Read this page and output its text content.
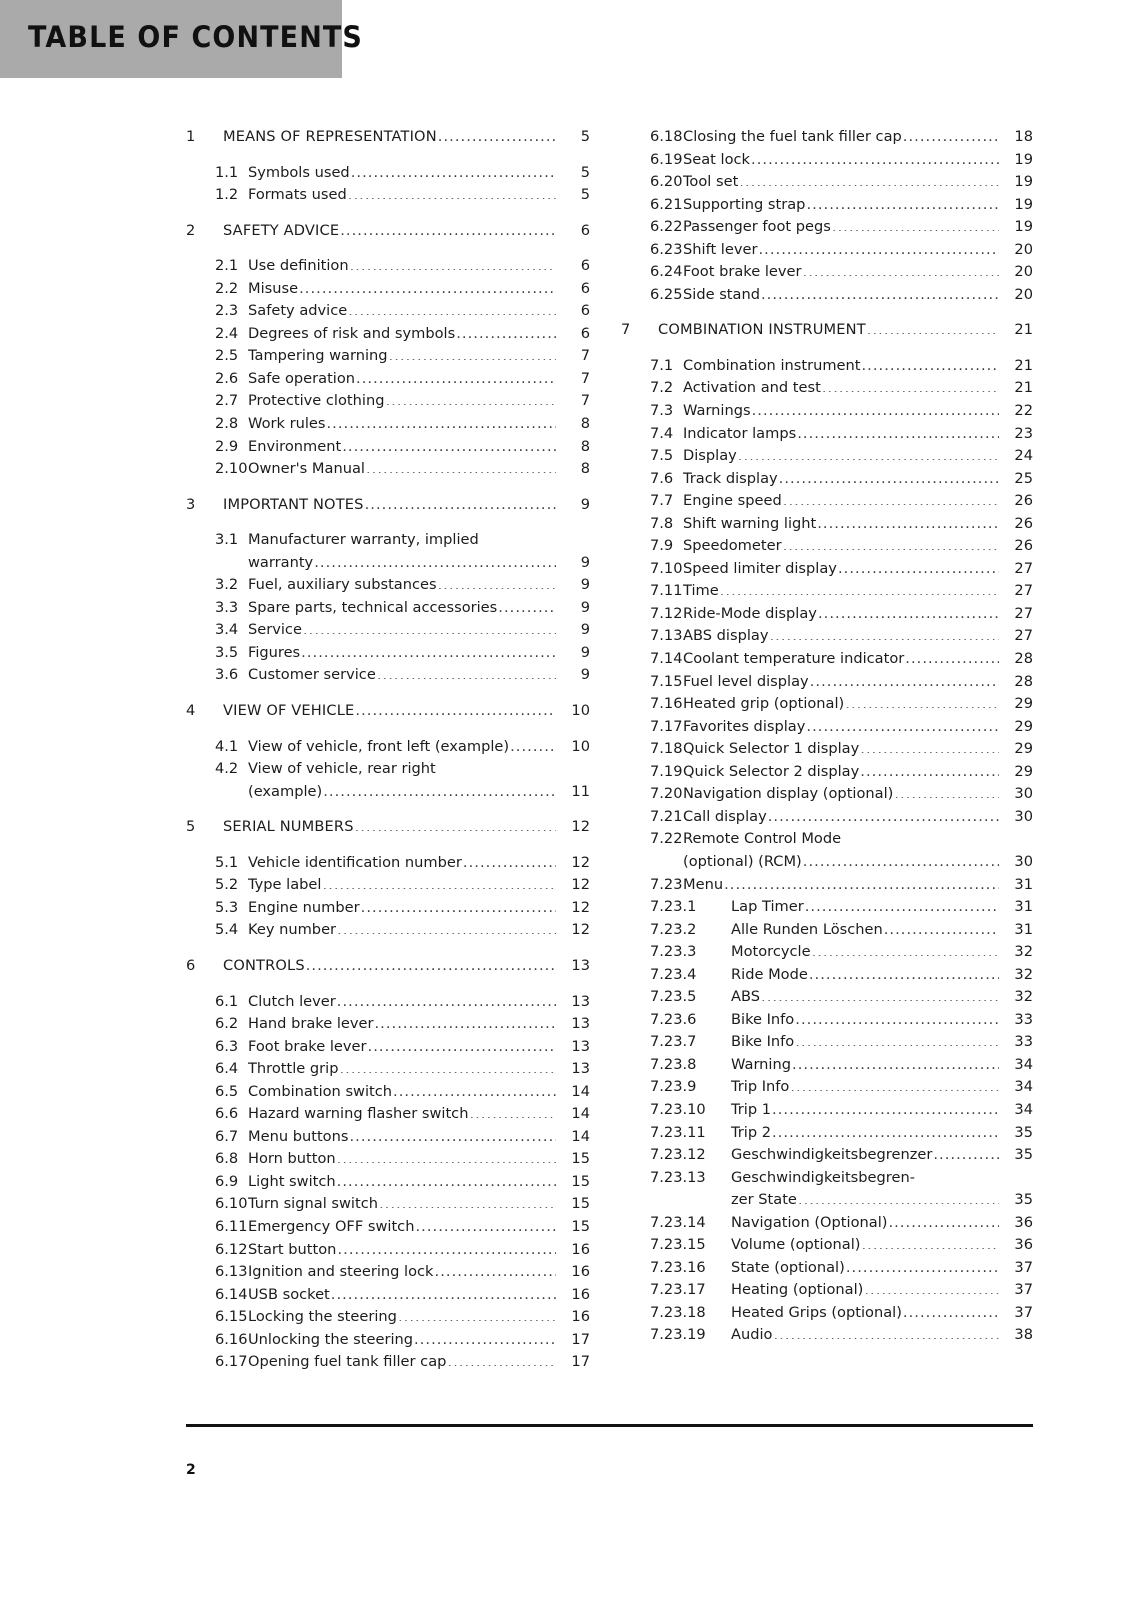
TABLE OF CONTENTS
1	MEANS OF REPRESENTATION .....	5
1.1 Symbols used .....	5
1.2 Formats used .....	5
2	SAFETY ADVICE .....	6
2.1 Use definition .....	6
2.2 Misuse .....	6
2.3 Safety advice .....	6
2.4 Degrees of risk and symbols .....	6
2.5 Tampering warning .....	7
2.6 Safe operation .....	7
2.7 Protective clothing .....	7
2.8 Work rules .....	8
2.9 Environment .....	8
2.10 Owner's Manual .....	8
3	IMPORTANT NOTES .....	9
3.1 Manufacturer warranty, implied
warranty .....	9
3.2 Fuel, auxiliary substances .....	9
3.3 Spare parts, technical accessories .....	9
3.4 Service .....	9
3.5 Figures .....	9
3.6 Customer service .....	9
4	VIEW OF VEHICLE .....	10
4.1 View of vehicle, front left (example) .....	10
4.2 View of vehicle, rear right
(example) .....	11
5	SERIAL NUMBERS .....	12
5.1 Vehicle identification number .....	12
5.2 Type label .....	12
5.3 Engine number .....	12
5.4 Key number .....	12
6	CONTROLS .....	13
6.1 Clutch lever .....	13
6.2 Hand brake lever .....	13
6.3 Foot brake lever .....	13
6.4 Throttle grip .....	13
6.5 Combination switch .....	14
6.6 Hazard warning flasher switch .....	14
6.7 Menu buttons .....	14
6.8 Horn button .....	15
6.9 Light switch .....	15
6.10 Turn signal switch .....	15
6.11 Emergency OFF switch .....	15
6.12 Start button .....	16
6.13 Ignition and steering lock .....	16
6.14 USB socket .....	16
6.15 Locking the steering .....	16
6.16 Unlocking the steering .....	17
6.17 Opening fuel tank filler cap .....	17
6.18 Closing the fuel tank filler cap .....	18
6.19 Seat lock .....	19
6.20 Tool set .....	19
6.21 Supporting strap .....	19
6.22 Passenger foot pegs .....	19
6.23 Shift lever .....	20
6.24 Foot brake lever .....	20
6.25 Side stand .....	20
7	COMBINATION INSTRUMENT .....	21
7.1 Combination instrument .....	21
7.2 Activation and test .....	21
7.3 Warnings .....	22
7.4 Indicator lamps .....	23
7.5 Display .....	24
7.6 Track display .....	25
7.7 Engine speed .....	26
7.8 Shift warning light .....	26
7.9 Speedometer .....	26
7.10 Speed limiter display .....	27
7.11 Time .....	27
7.12 Ride-Mode display .....	27
7.13 ABS display .....	27
7.14 Coolant temperature indicator .....	28
7.15 Fuel level display .....	28
7.16 Heated grip (optional) .....	29
7.17 Favorites display .....	29
7.18 Quick Selector 1 display .....	29
7.19 Quick Selector 2 display .....	29
7.20 Navigation display (optional) .....	30
7.21 Call display .....	30
7.22 Remote Control Mode
(optional) (RCM) .....	30
7.23 Menu .....	31
7.23.1	Lap Timer .....	31
7.23.2	Alle Runden Löschen .....	31
7.23.3	Motorcycle .....	32
7.23.4	Ride Mode .....	32
7.23.5	ABS .....	32
7.23.6	Bike Info .....	33
7.23.7	Bike Info .....	33
7.23.8	Warning .....	34
7.23.9	Trip Info .....	34
7.23.10 Trip 1 .....	34
7.23.11 Trip 2 .....	35
7.23.12 Geschwindigkeitsbegrenzer .....	35
7.23.13 Geschwindigkeitsbegren-
zer State .....	35
7.23.14 Navigation (Optional) .....	36
7.23.15 Volume (optional) .....	36
7.23.16 State (optional) .....	37
7.23.17 Heating (optional) .....	37
7.23.18 Heated Grips (optional) .....	37
7.23.19 Audio .....	38
2
